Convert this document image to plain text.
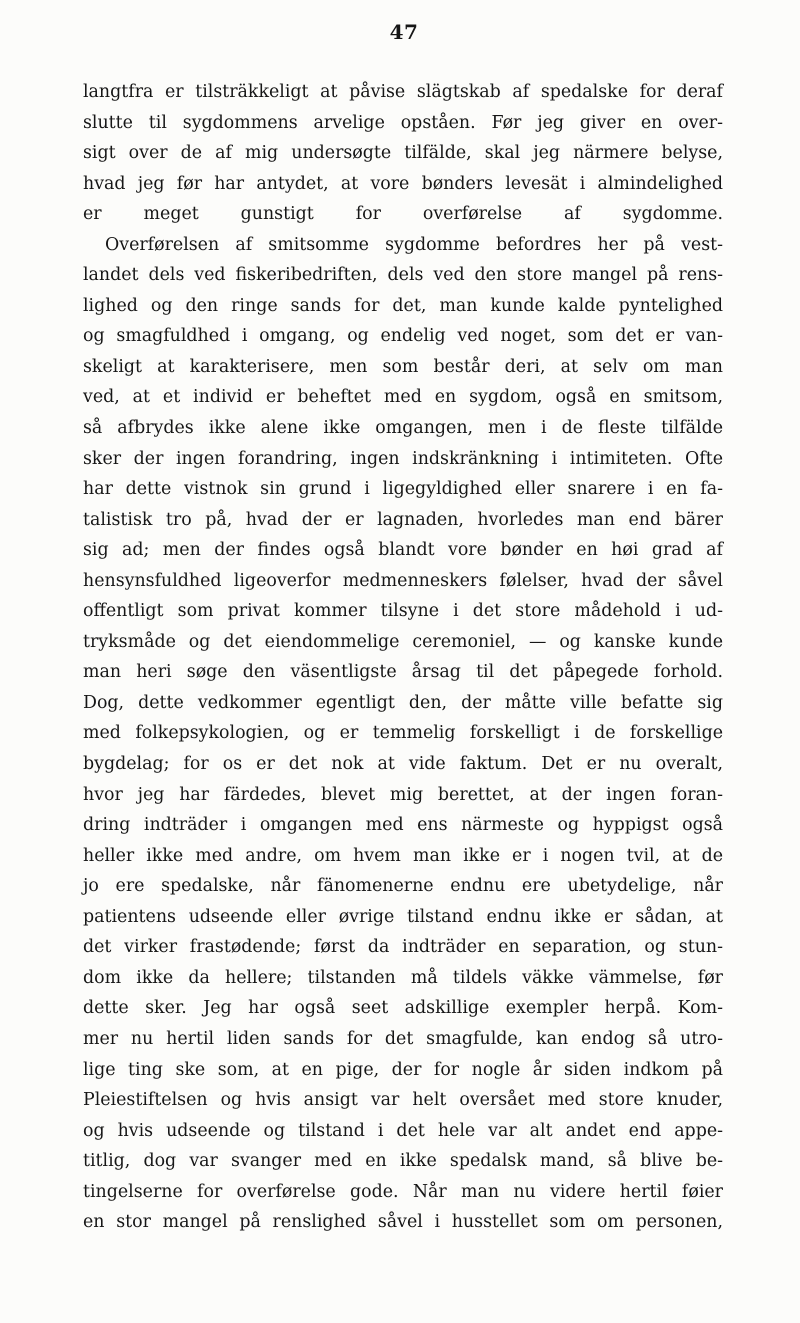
47
langtfra er tilsträkkeligt at påvise slägtskab af spedalske for deraf
slutte til sygdommens arvelige opståen. Før jeg giver en over-
sigt over de af mig undersøgte tilfälde, skal jeg närmere belyse,
hvad jeg før har antydet, at vore bønders levesät i almindelighed
er meget gunstigt for overførelse af sygdomme.
Overførelsen af smitsomme sygdomme befordres her på vest-
landet dels ved fiskeribedriften, dels ved den store mangel på rens-
lighed og den ringe sands for det, man kunde kalde pyntelighed
og smagfuldhed i omgang, og endelig ved noget, som det er van-
skeligt at karakterisere, men som består deri, at selv om man
ved, at et individ er beheftet med en sygdom, også en smitsom,
så afbrydes ikke alene ikke omgangen, men i de fleste tilfälde
sker der ingen forandring, ingen indskränkning i intimiteten. Ofte
har dette vistnok sin grund i ligegyldighed eller snarere i en fa-
talistisk tro på, hvad der er lagnaden, hvorledes man end bärer
sig ad; men der findes også blandt vore bønder en høi grad af
hensynsfuldhed ligeoverfor medmenneskers følelser, hvad der såvel
offentligt som privat kommer tilsyne i det store mådehold i ud-
tryksmåde og det eiendommelige ceremoniel, — og kanske kunde
man heri søge den väsentligste årsag til det påpegede forhold.
Dog, dette vedkommer egentligt den, der måtte ville befatte sig
med folkepsykologien, og er temmelig forskelligt i de forskellige
bygdelag; for os er det nok at vide faktum. Det er nu overalt,
hvor jeg har färdedes, blevet mig berettet, at der ingen foran-
dring indträder i omgangen med ens närmeste og hyppigst også
heller ikke med andre, om hvem man ikke er i nogen tvil, at de
jo ere spedalske, når fänomenerne endnu ere ubetydelige, når
patientens udseende eller øvrige tilstand endnu ikke er sådan, at
det virker frastødende; først da indträder en separation, og stun-
dom ikke da hellere; tilstanden må tildels väkke vämmelse, før
dette sker. Jeg har også seet adskillige exempler herpå. Kom-
mer nu hertil liden sands for det smagfulde, kan endog så utro-
lige ting ske som, at en pige, der for nogle år siden indkom på
Pleiestiftelsen og hvis ansigt var helt oversået med store knuder,
og hvis udseende og tilstand i det hele var alt andet end appe-
titlig, dog var svanger med en ikke spedalsk mand, så blive be-
tingelserne for overførelse gode. Når man nu videre hertil føier
en stor mangel på renslighed såvel i husstellet som om personen,
